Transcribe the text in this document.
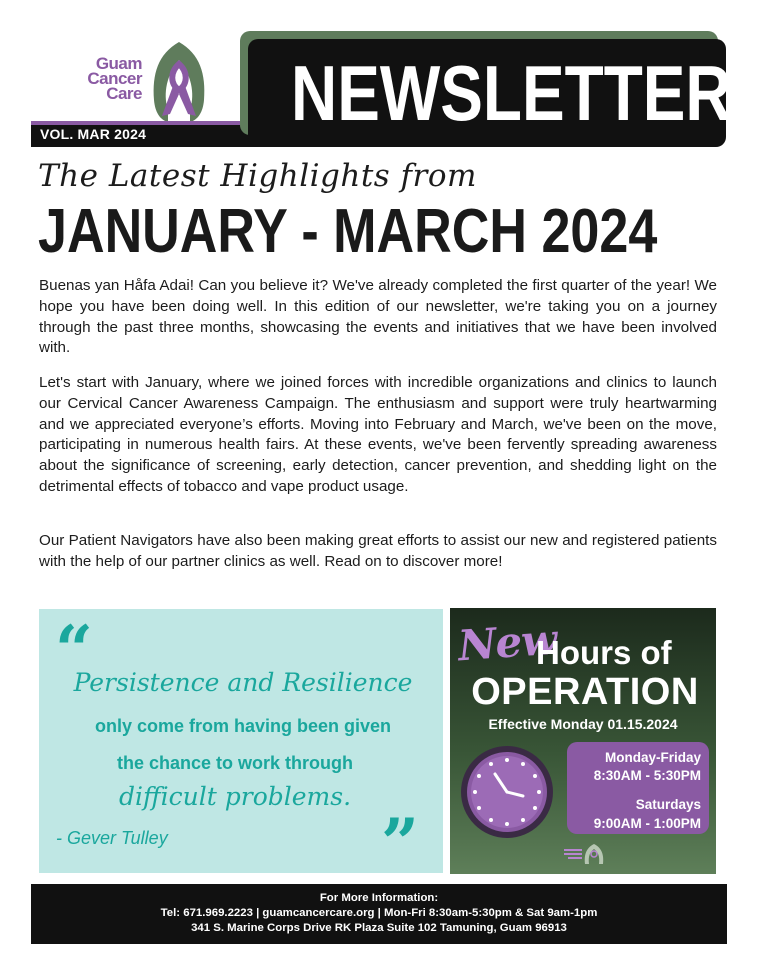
Guam
Cancer
Care
VOL. MAR 2024 NEWSLETTER
The Latest Highlights from
JANUARY - MARCH 2024

Buenas yan Håfa Adai! Can you believe it? We've already completed the first quarter of the year! We hope you have been doing well. In this edition of our newsletter, we're taking you on a journey through the past three months, showcasing the events and initiatives that we have been involved with.

Let's start with January, where we joined forces with incredible organizations and clinics to launch our Cervical Cancer Awareness Campaign. The enthusiasm and support were truly heartwarming and we appreciated everyone’s efforts. Moving into February and March, we've been on the move, participating in numerous health fairs. At these events, we've been fervently spreading awareness about the significance of screening, early detection, cancer prevention, and shedding light on the detrimental effects of tobacco and vape product usage.

Our Patient Navigators have also been making great efforts to assist our new and registered patients with the help of our partner clinics as well. Read on to discover more!

“
Persistence and Resilience
only come from having been given
the chance to work through
difficult problems.
- Gever Tulley	”
New
Hours of
OPERATION
Effective Monday 01.15.2024
Monday-Friday
8:30AM - 5:30PM
Saturdays
9:00AM - 1:00PM
For More Information:
Tel: 671.969.2223 | guamcancercare.org | Mon-Fri 8:30am-5:30pm & Sat 9am-1pm
341 S. Marine Corps Drive RK Plaza Suite 102 Tamuning, Guam 96913
